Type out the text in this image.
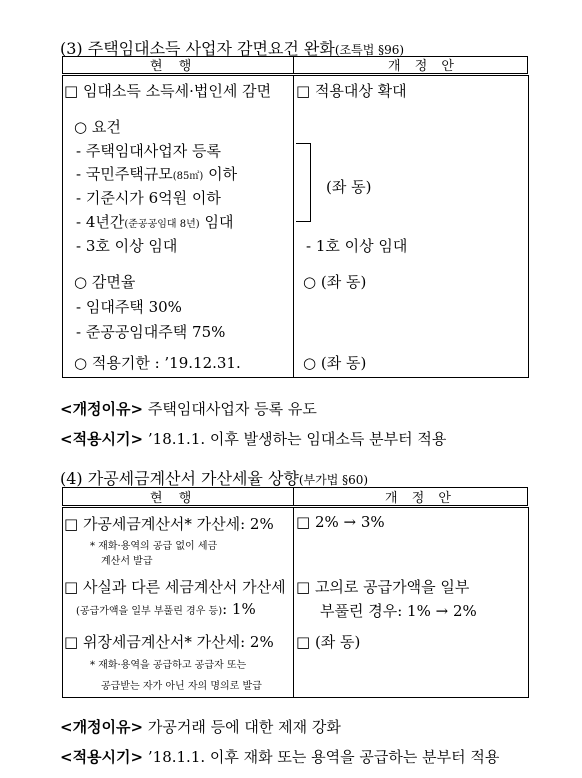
(3) 주택임대소득 사업자 감면요건 완화(조특법 §96)
현 행	개 정 안
□ 임대소득 소득세·법인세 감면
○ 요건
- 주택임대사업자 등록
- 국민주택규모(85㎡) 이하
- 기준시가 6억원 이하
- 4년간(준공공임대 8년) 임대
- 3호 이상 임대
○ 감면율
- 임대주택 30%
- 준공공임대주택 75%
○ 적용기한 : ’19.12.31.
□ 적용대상 확대
(좌 동)
- 1호 이상 임대
○ (좌 동)
○ (좌 동)
<개정이유> 주택임대사업자 등록 유도
<적용시기> ’18.1.1. 이후 발생하는 임대소득 분부터 적용
(4) 가공세금계산서 가산세율 상향(부가법 §60)
현 행	개 정 안
□ 가공세금계산서* 가산세: 2%
* 재화·용역의 공급 없이 세금
계산서 발급
□ 사실과 다른 세금계산서 가산세
(공급가액을 일부 부풀린 경우 등): 1%
□ 위장세금계산서* 가산세: 2%
* 재화·용역을 공급하고 공급자 또는
공급받는 자가 아닌 자의 명의로 발급
□ 2% → 3%
□ 고의로 공급가액을 일부
부풀린 경우: 1% → 2%
□ (좌 동)
<개정이유> 가공거래 등에 대한 제재 강화
<적용시기> ’18.1.1. 이후 재화 또는 용역을 공급하는 분부터 적용
